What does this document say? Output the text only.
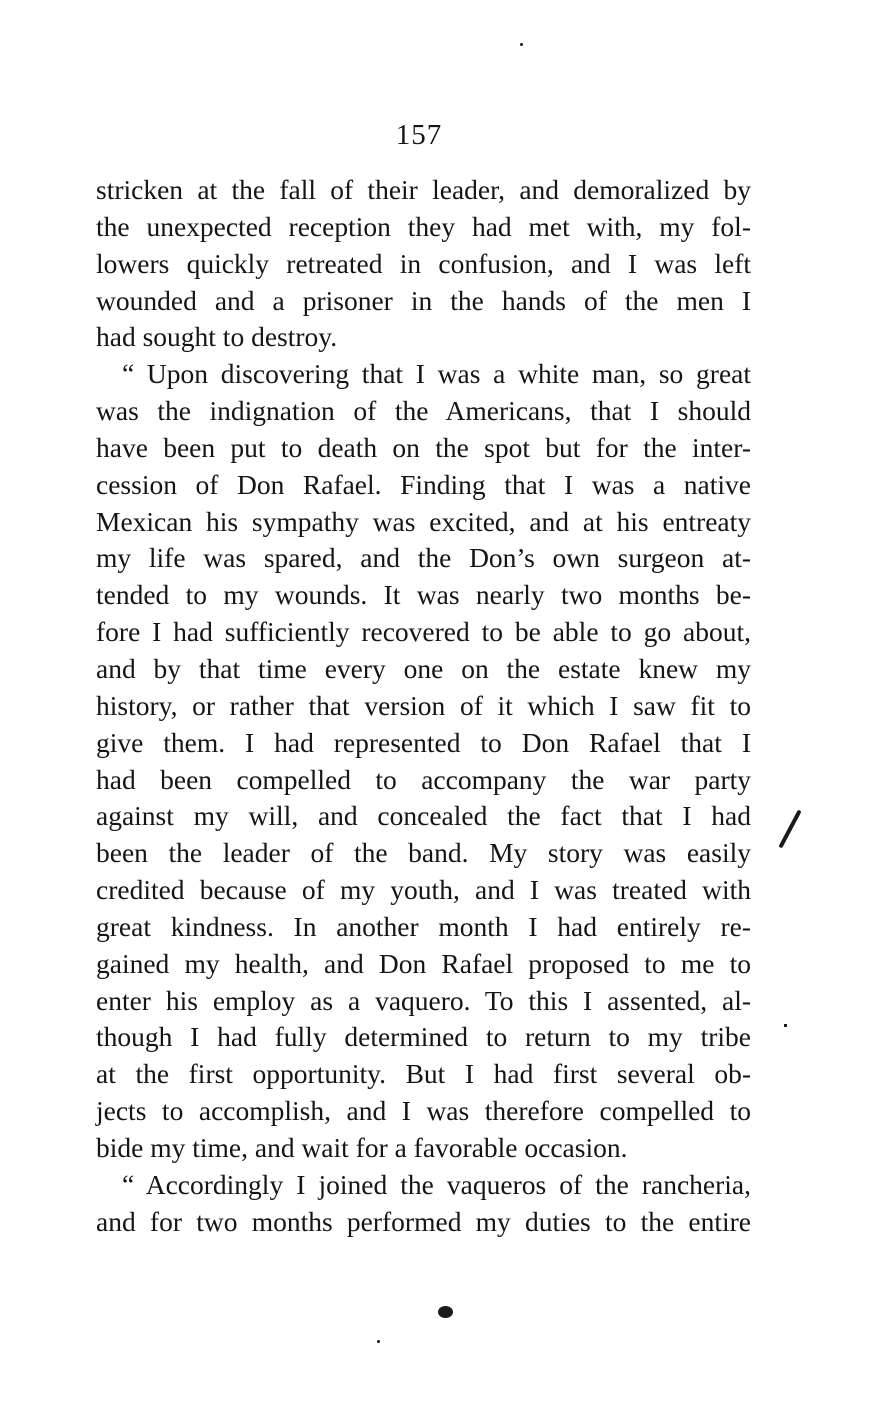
157
stricken at the fall of their leader, and demoralized by
the unexpected reception they had met with, my fol-
lowers quickly retreated in confusion, and I was left
wounded and a prisoner in the hands of the men I
had sought to destroy.
“ Upon discovering that I was a white man, so great
was the indignation of the Americans, that I should
have been put to death on the spot but for the inter-
cession of Don Rafael. Finding that I was a native
Mexican his sympathy was excited, and at his entreaty
my life was spared, and the Don’s own surgeon at-
tended to my wounds. It was nearly two months be-
fore I had sufficiently recovered to be able to go about,
and by that time every one on the estate knew my
history, or rather that version of it which I saw fit to
give them. I had represented to Don Rafael that I
had been compelled to accompany the war party
against my will, and concealed the fact that I had
been the leader of the band. My story was easily
credited because of my youth, and I was treated with
great kindness. In another month I had entirely re-
gained my health, and Don Rafael proposed to me to
enter his employ as a vaquero. To this I assented, al-
though I had fully determined to return to my tribe
at the first opportunity. But I had first several ob-
jects to accomplish, and I was therefore compelled to
bide my time, and wait for a favorable occasion.
“ Accordingly I joined the vaqueros of the rancheria,
and for two months performed my duties to the entire
